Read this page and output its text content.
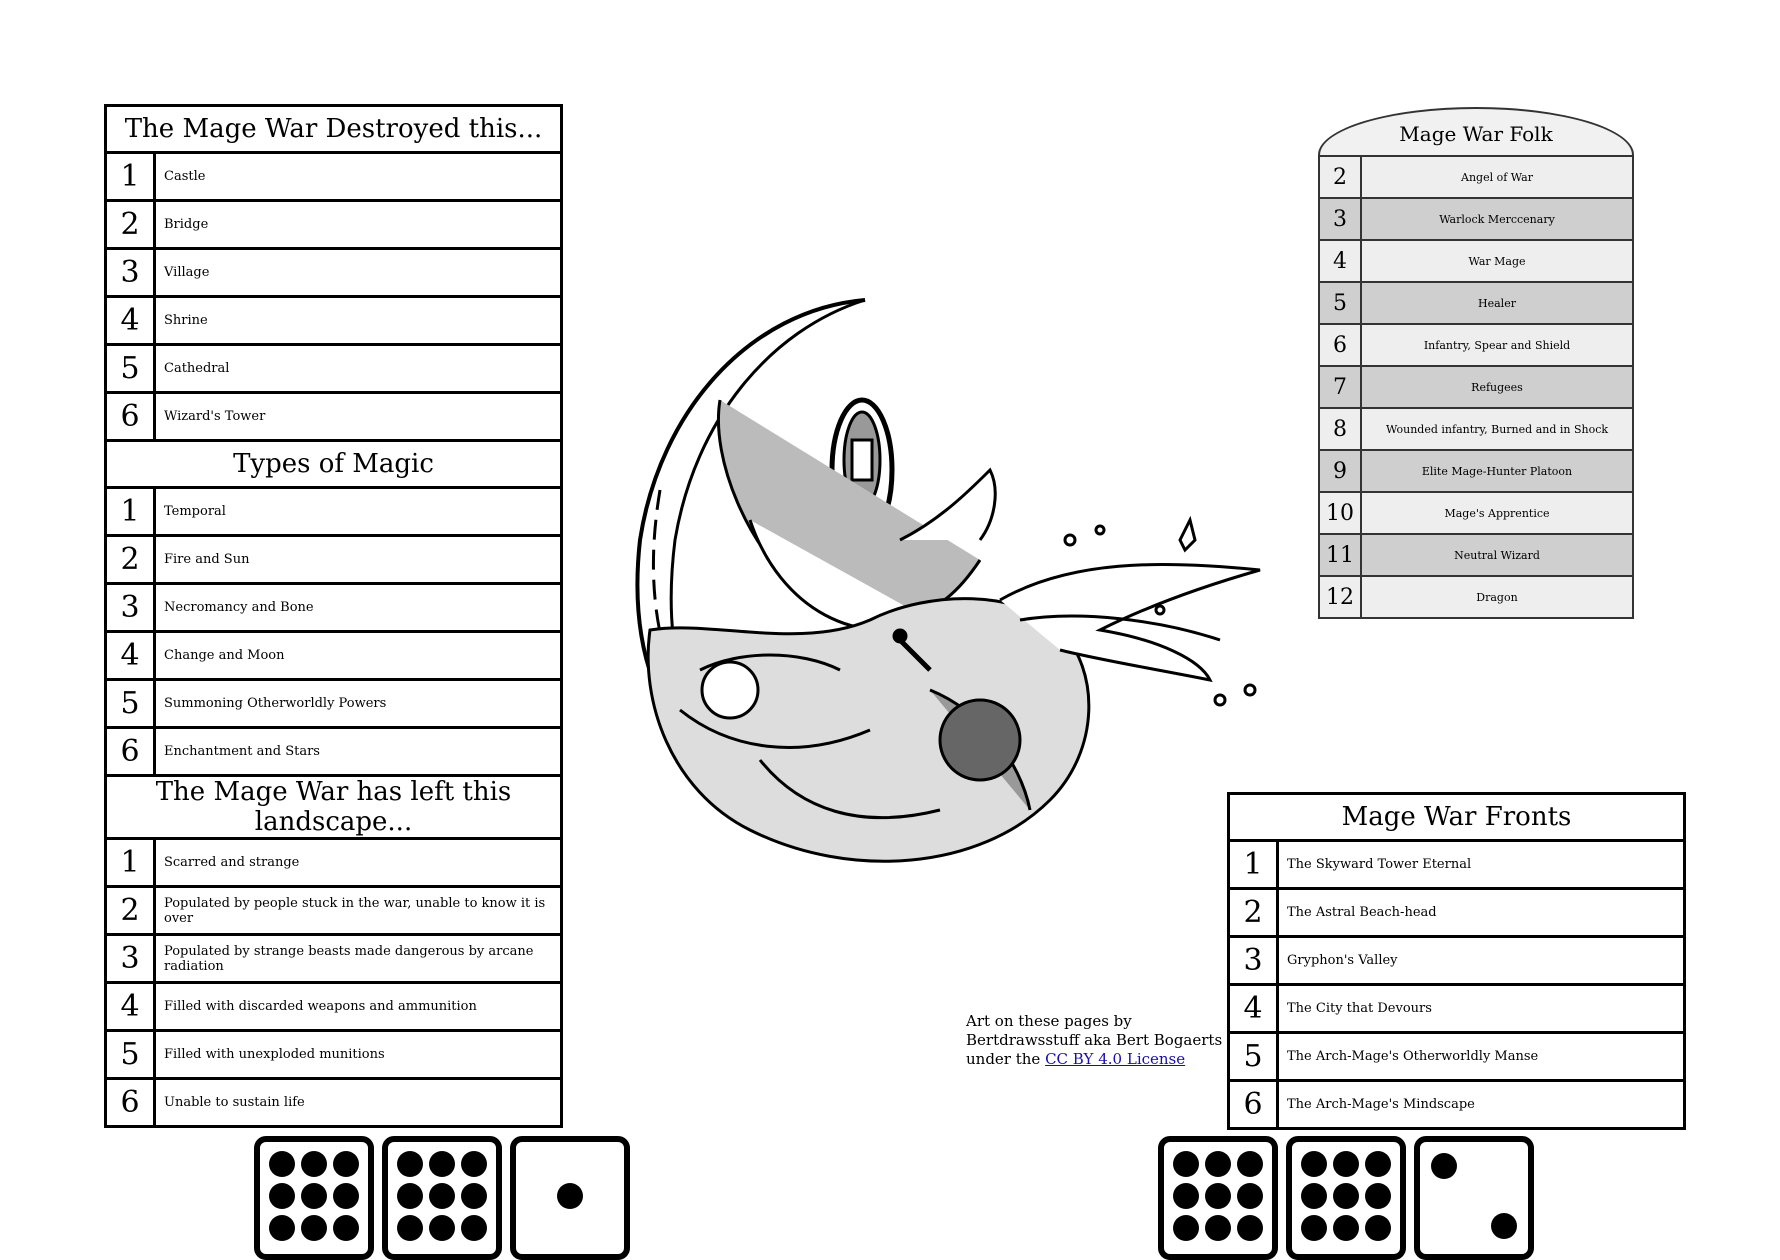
The Mage War Destroyed this...	
1	Castle
2	Bridge
3	Village
4	Shrine
5	Cathedral
6	Wizard's Tower
Types of Magic	
1	Temporal
2	Fire and Sun
3	Necromancy and Bone
4	Change and Moon
5	Summoning Otherworldly Powers
6	Enchantment and Stars
The Mage War has left this landscape...	
1	Scarred and strange
2	Populated by people stuck in the war, unable to know it is over
3	Populated by strange beasts made dangerous by arcane radiation
4	Filled with discarded weapons and ammunition
5	Filled with unexploded munitions
6	Unable to sustain life
Mage War Folk
2	Angel of War
3	Warlock Merccenary
4	War Mage
5	Healer
6	Infantry, Spear and Shield
7	Refugees
8	Wounded infantry, Burned and in Shock
9	Elite Mage-Hunter Platoon
10	Mage's Apprentice
11	Neutral Wizard
12	Dragon
Mage War Fronts	
1	The Skyward Tower Eternal
2	The Astral Beach-head
3	Gryphon's Valley
4	The City that Devours
5	The Arch-Mage's Otherworldly Manse
6	The Arch-Mage's Mindscape
Art on these pages by
Bertdrawsstuff aka Bert Bogaerts
under the CC BY 4.0 License
